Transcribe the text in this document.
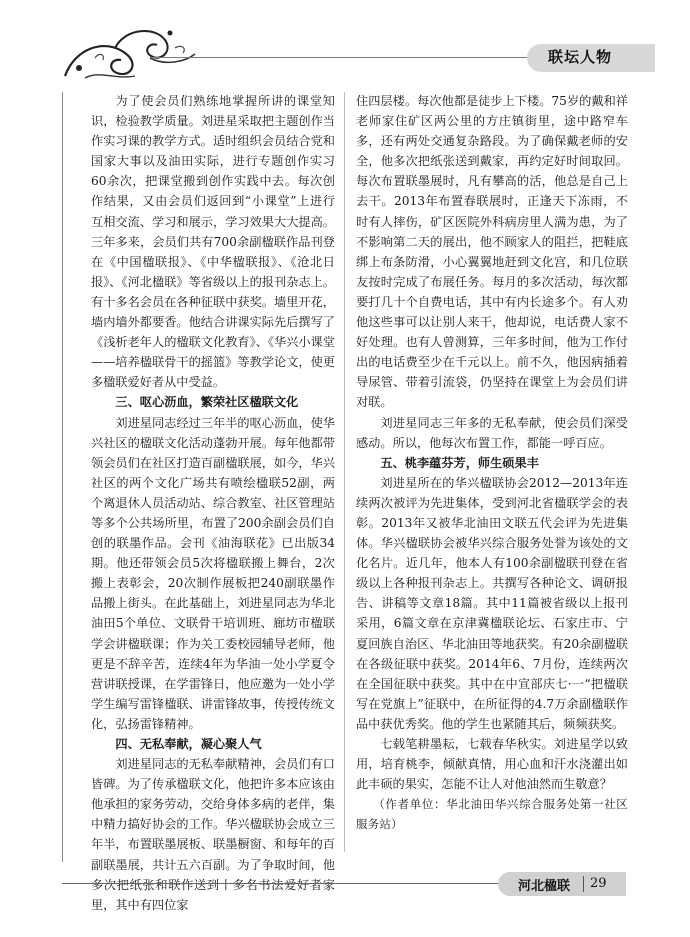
联坛人物

为了使会员们熟练地掌握所讲的课堂知识，检验教学质量。刘进星采取把主题创作当作实习课的教学方式。适时组织会员结合党和国家大事以及油田实际，进行专题创作实习60余次，把课堂搬到创作实践中去。每次创作结果，又由会员们返回到“小课堂”上进行互相交流、学习和展示，学习效果大大提高。三年多来，会员们共有700余副楹联作品刊登在《中国楹联报》、《中华楹联报》、《沧北日报》、《河北楹联》等省级以上的报刊杂志上。有十多名会员在各种征联中获奖。墙里开花，墙内墙外都要香。他结合讲课实际先后撰写了《浅析老年人的楹联文化教育》、《华兴小课堂——培养楹联骨干的摇篮》等教学论文，使更多楹联爱好者从中受益。

三、呕心沥血，繁荣社区楹联文化

刘进星同志经过三年半的呕心沥血，使华兴社区的楹联文化活动蓬勃开展。每年他都带领会员们在社区打造百副楹联展，如今，华兴社区的两个文化广场共有喷绘楹联52副，两个离退休人员活动站、综合教室、社区管理站等多个公共场所里，布置了200余副会员们自创的联墨作品。会刊《油海联花》已出版34期。他还带领会员5次将楹联搬上舞台，2次搬上表彰会，20次制作展板把240副联墨作品搬上街头。在此基础上，刘进星同志为华北油田5个单位、文联骨干培训班、廊坊市楹联学会讲楹联课；作为关工委校园辅导老师，他更是不辞辛苦，连续4年为华油一处小学夏令营讲联授课，在学雷锋日，他应邀为一处小学学生编写雷锋楹联、讲雷锋故事，传授传统文化，弘扬雷锋精神。

四、无私奉献，凝心聚人气

刘进星同志的无私奉献精神，会员们有口皆碑。为了传承楹联文化，他把许多本应该由他承担的家务劳动，交给身体多病的老伴，集中精力搞好协会的工作。华兴楹联协会成立三年半，布置联墨展板、联墨橱窗、和每年的百副联墨展，共计五六百副。为了争取时间，他多次把纸张和联作送到十多名书法爱好者家里，其中有四位家

住四层楼。每次他都是徒步上下楼。75岁的戴和祥老师家住矿区两公里的方庄镇街里，途中路窄车多，还有两处交通复杂路段。为了确保戴老师的安全，他多次把纸张送到戴家，再约定好时间取回。每次布置联墨展时，凡有攀高的活，他总是自己上去干。2013年布置春联展时，正逢天下冻雨，不时有人摔伤，矿区医院外科病房里人满为患，为了不影响第二天的展出，他不顾家人的阻拦，把鞋底绑上布条防滑，小心翼翼地赶到文化宫，和几位联友按时完成了布展任务。每月的多次活动，每次都要打几十个自费电话，其中有内长途多个。有人劝他这些事可以让别人来干，他却说，电话费人家不好处理。也有人曾测算，三年多时间，他为工作付出的电话费至少在千元以上。前不久，他因病插着导尿管、带着引流袋，仍坚持在课堂上为会员们讲对联。

刘进星同志三年多的无私奉献，使会员们深受感动。所以，他每次布置工作，都能一呼百应。

五、桃李蕴芬芳，师生硕果丰

刘进星所在的华兴楹联协会2012—2013年连续两次被评为先进集体，受到河北省楹联学会的表彰。2013年又被华北油田文联五代会评为先进集体。华兴楹联协会被华兴综合服务处誉为该处的文化名片。近几年，他本人有100余副楹联刊登在省级以上各种报刊杂志上。共撰写各种论文、调研报告、讲稿等文章18篇。其中11篇被省级以上报刊采用，6篇文章在京津冀楹联论坛、石家庄市、宁夏回族自治区、华北油田等地获奖。有20余副楹联在各级征联中获奖。2014年6、7月份，连续两次在全国征联中获奖。其中在中宣部庆七·一“把楹联写在党旗上”征联中，在所征得的4.7万余副楹联作品中获优秀奖。他的学生也紧随其后，频频获奖。

七载笔耕墨耘，七载春华秋实。刘进星学以致用，培育桃李，倾献真情，用心血和汗水浇灌出如此丰硕的果实，怎能不让人对他油然而生敬意？

（作者单位：华北油田华兴综合服务处第一社区服务站）

河北楹联 29
